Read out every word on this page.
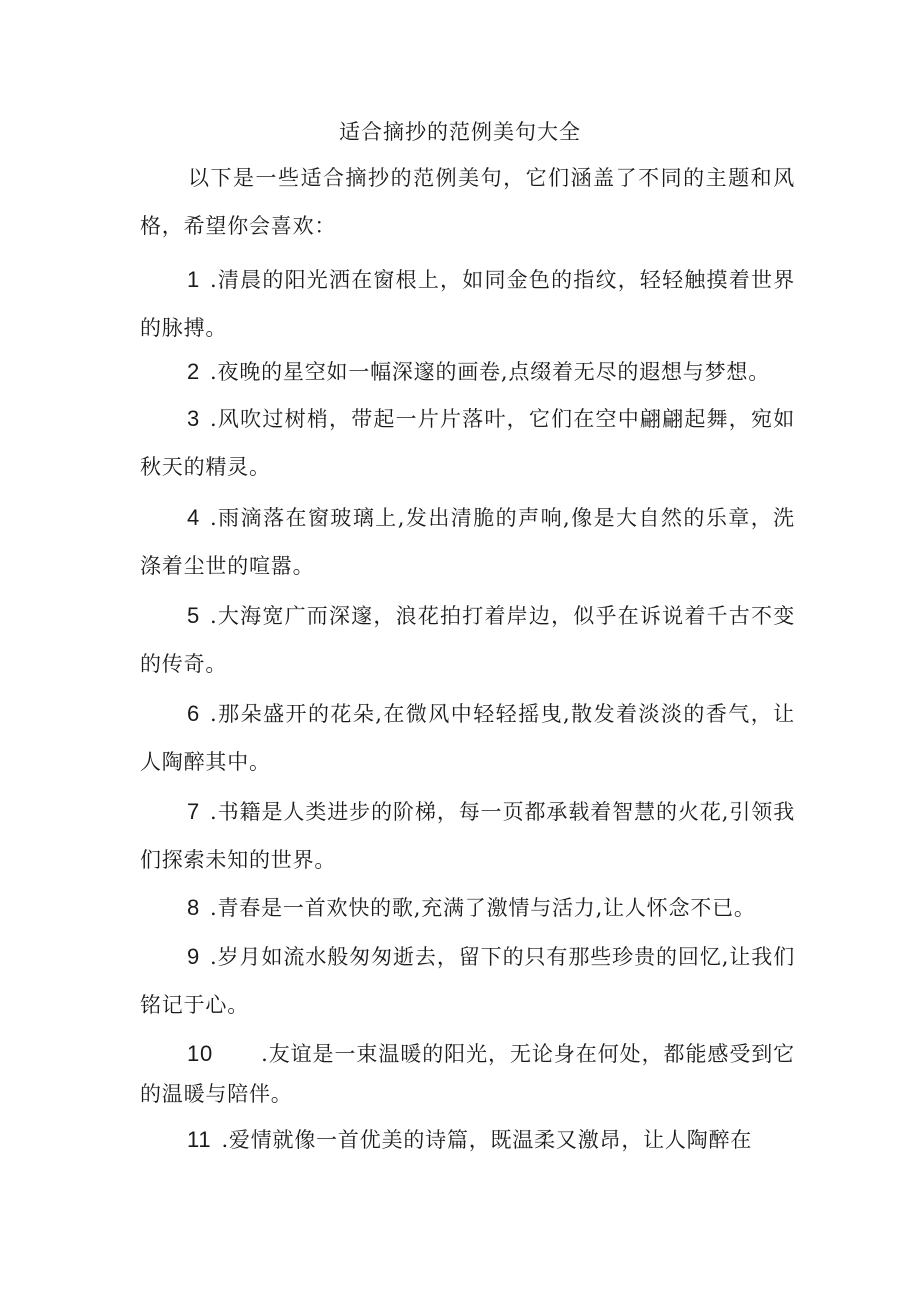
适合摘抄的范例美句大全
以下是一些适合摘抄的范例美句，它们涵盖了不同的主题和风格，希望你会喜欢：
1 .清晨的阳光洒在窗根上，如同金色的指纹，轻轻触摸着世界的脉搏。
2 .夜晚的星空如一幅深邃的画卷,点缀着无尽的遐想与梦想。
3 .风吹过树梢，带起一片片落叶，它们在空中翩翩起舞，宛如秋天的精灵。
4 .雨滴落在窗玻璃上,发出清脆的声响,像是大自然的乐章，洗涤着尘世的喧嚣。
5 .大海宽广而深邃，浪花拍打着岸边，似乎在诉说着千古不变的传奇。
6 .那朵盛开的花朵,在微风中轻轻摇曳,散发着淡淡的香气，让人陶醉其中。
7 .书籍是人类进步的阶梯，每一页都承载着智慧的火花,引领我们探索未知的世界。
8 .青春是一首欢快的歌,充满了激情与活力,让人怀念不已。
9 .岁月如流水般匆匆逝去，留下的只有那些珍贵的回忆,让我们铭记于心。
10 .友谊是一束温暖的阳光，无论身在何处，都能感受到它的温暖与陪伴。
11 .爱情就像一首优美的诗篇，既温柔又激昂，让人陶醉在
